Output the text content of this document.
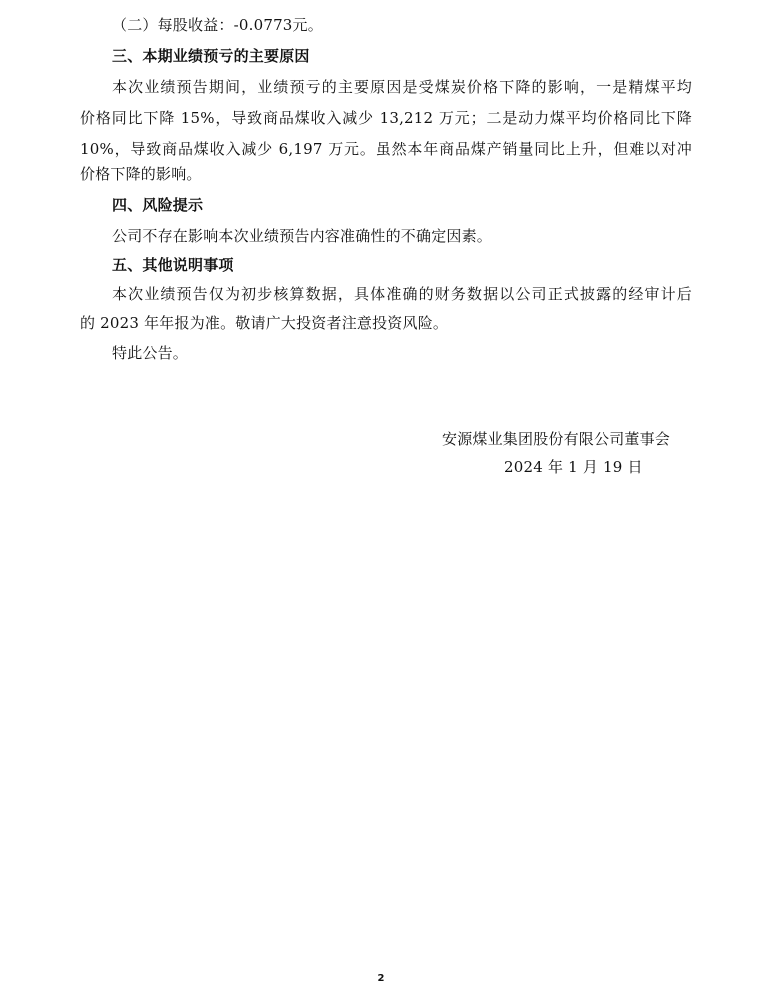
（二）每股收益：-0.0773元。
三、本期业绩预亏的主要原因
本次业绩预告期间，业绩预亏的主要原因是受煤炭价格下降的影响，一是精煤平均
价格同比下降 15%，导致商品煤收入减少 13,212 万元；二是动力煤平均价格同比下降
10%，导致商品煤收入减少 6,197 万元。虽然本年商品煤产销量同比上升，但难以对冲
价格下降的影响。
四、风险提示
公司不存在影响本次业绩预告内容准确性的不确定因素。
五、其他说明事项
本次业绩预告仅为初步核算数据，具体准确的财务数据以公司正式披露的经审计后
的 2023 年年报为准。敬请广大投资者注意投资风险。
特此公告。
安源煤业集团股份有限公司董事会
2024 年 1 月 19 日
2
